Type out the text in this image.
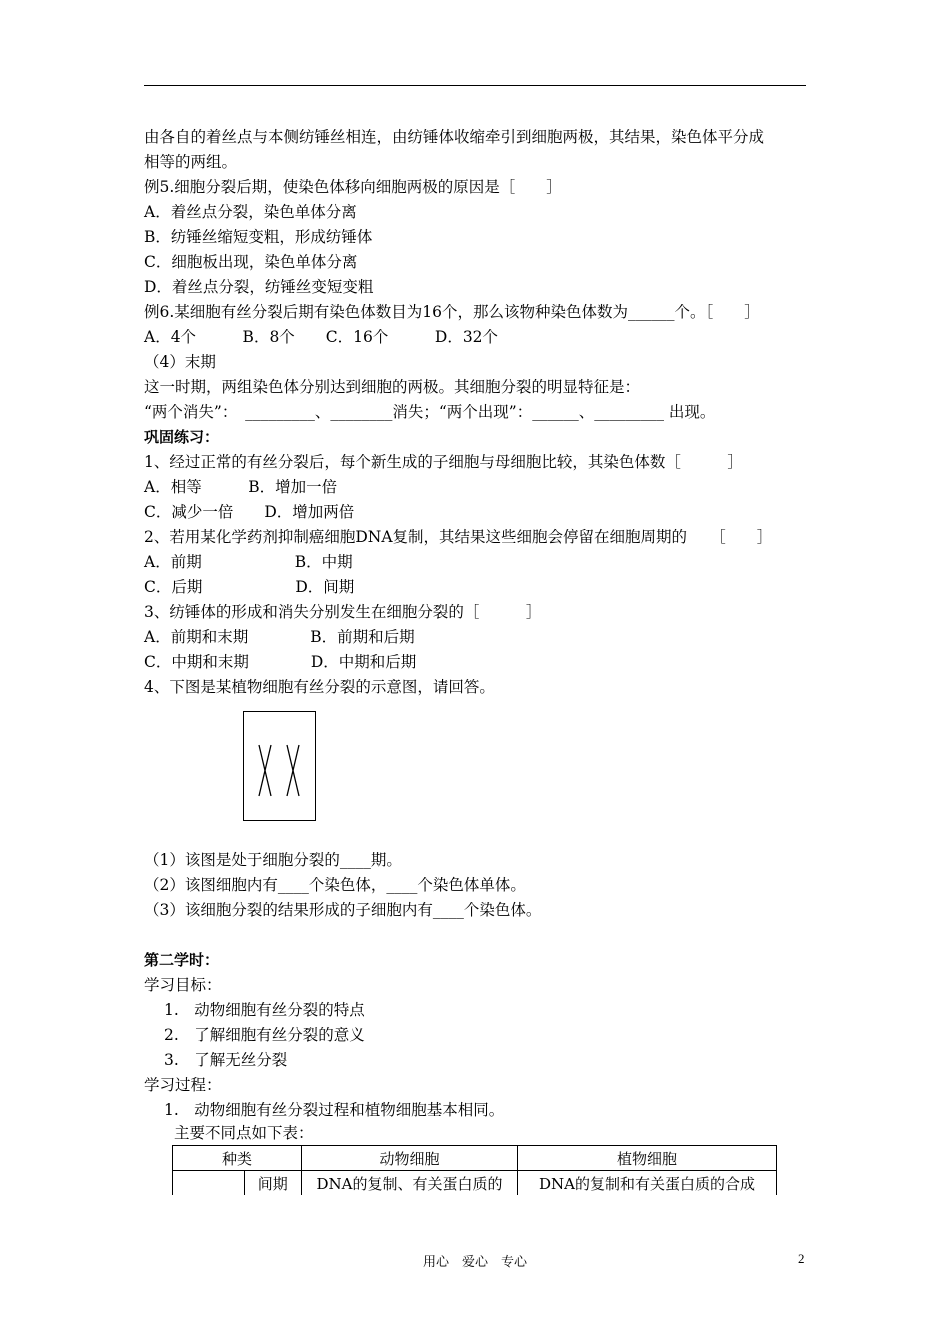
由各自的着丝点与本侧纺锤丝相连，由纺锤体收缩牵引到细胞两极，其结果，染色体平分成
相等的两组。
例5.细胞分裂后期，使染色体移向细胞两极的原因是［　　］
A．着丝点分裂，染色单体分离
B．纺锤丝缩短变粗，形成纺锤体
C．细胞板出现，染色单体分离
D．着丝点分裂，纺锤丝变短变粗
例6.某细胞有丝分裂后期有染色体数目为16个，那么该物种染色体数为______个。［　　］
A．4个　　　B．8个　　C．16个　　　D．32个
（4）末期
这一时期，两组染色体分别达到细胞的两极。其细胞分裂的明显特征是：
“两个消失”：　_________、________消失；“两个出现”：______、_________ 出现。
巩固练习：
1、经过正常的有丝分裂后，每个新生成的子细胞与母细胞比较，其染色体数［　　　］
A．相等　　　B．增加一倍
C．减少一倍　　D．增加两倍
2、若用某化学药剂抑制癌细胞DNA复制，其结果这些细胞会停留在细胞周期的　　［　　］
A．前期　　　　　　B．中期
C．后期　　　　　　D．间期
3、纺锤体的形成和消失分别发生在细胞分裂的［　　　］
A．前期和末期　　　　B．前期和后期
C．中期和末期　　　　D．中期和后期
4、下图是某植物细胞有丝分裂的示意图，请回答。
（1）该图是处于细胞分裂的____期。
（2）该图细胞内有____个染色体，____个染色体单体。
（3）该细胞分裂的结果形成的子细胞内有____个染色体。
第二学时：
学习目标：
1.　动物细胞有丝分裂的特点
2.　了解细胞有丝分裂的意义
3.　了解无丝分裂
学习过程：
1.　动物细胞有丝分裂过程和植物细胞基本相同。
主要不同点如下表：
种类		动物细胞	植物细胞
	间期	DNA的复制、有关蛋白质的	DNA的复制和有关蛋白质的合成
用心　爱心　专心	2
